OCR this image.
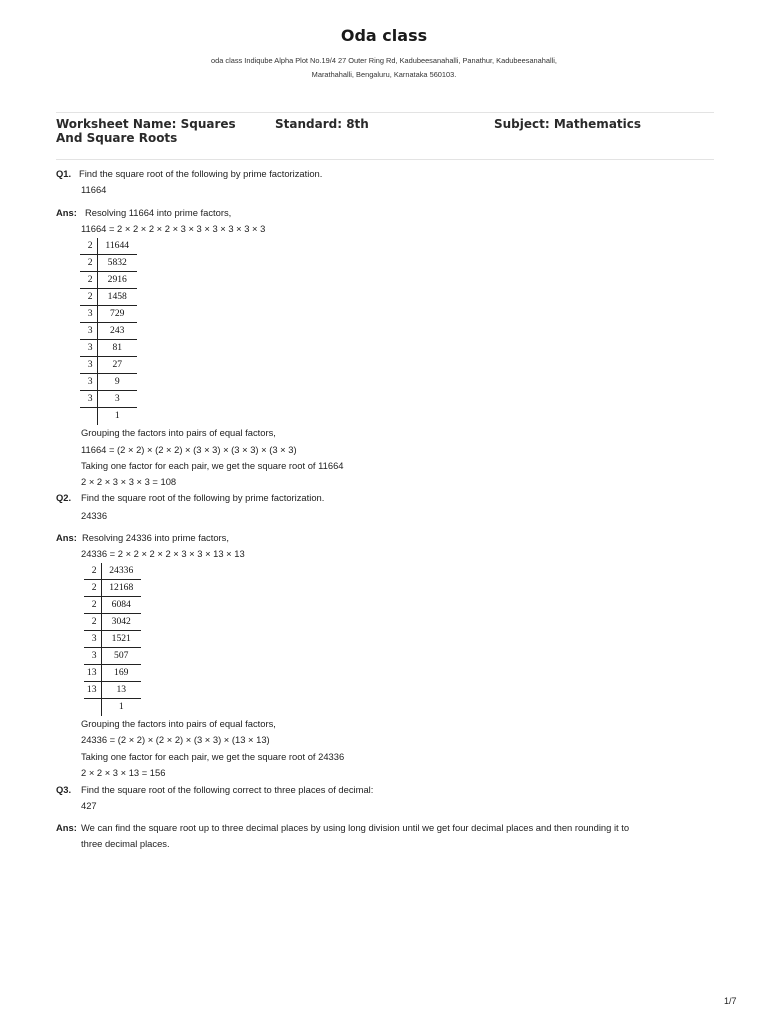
Oda class
oda class Indiqube Alpha Plot No.19/4 27 Outer Ring Rd, Kadubeesanahalli, Panathur, Kadubeesanahalli,
Marathahalli, Bengaluru, Karnataka 560103.
Worksheet Name: Squares And Square Roots
Standard: 8th	Subject: Mathematics
Q1. Find the square root of the following by prime factorization.
11664
Ans: Resolving 11664 into prime factors,
11664 = 2 × 2 × 2 × 2 × 3 × 3 × 3 × 3 × 3 × 3
2	11644
2	5832
2	2916
2	1458
3	729
3	243
3	81
3	27
3	9
3	3
	1
Grouping the factors into pairs of equal factors,
11664 = (2 × 2) × (2 × 2) × (3 × 3) × (3 × 3) × (3 × 3)
Taking one factor for each pair, we get the square root of 11664
2 × 2 × 3 × 3 × 3 = 108
Q2. Find the square root of the following by prime factorization.
24336
Ans: Resolving 24336 into prime factors,
24336 = 2 × 2 × 2 × 2 × 3 × 3 × 13 × 13
2	24336
2	12168
2	6084
2	3042
3	1521
3	507
13	169
13	13
	1
Grouping the factors into pairs of equal factors,
24336 = (2 × 2) × (2 × 2) × (3 × 3) × (13 × 13)
Taking one factor for each pair, we get the square root of 24336
2 × 2 × 3 × 13 = 156
Q3. Find the square root of the following correct to three places of decimal:
427
Ans: We can find the square root up to three decimal places by using long division until we get four decimal places and then rounding it to
three decimal places.
1/7
